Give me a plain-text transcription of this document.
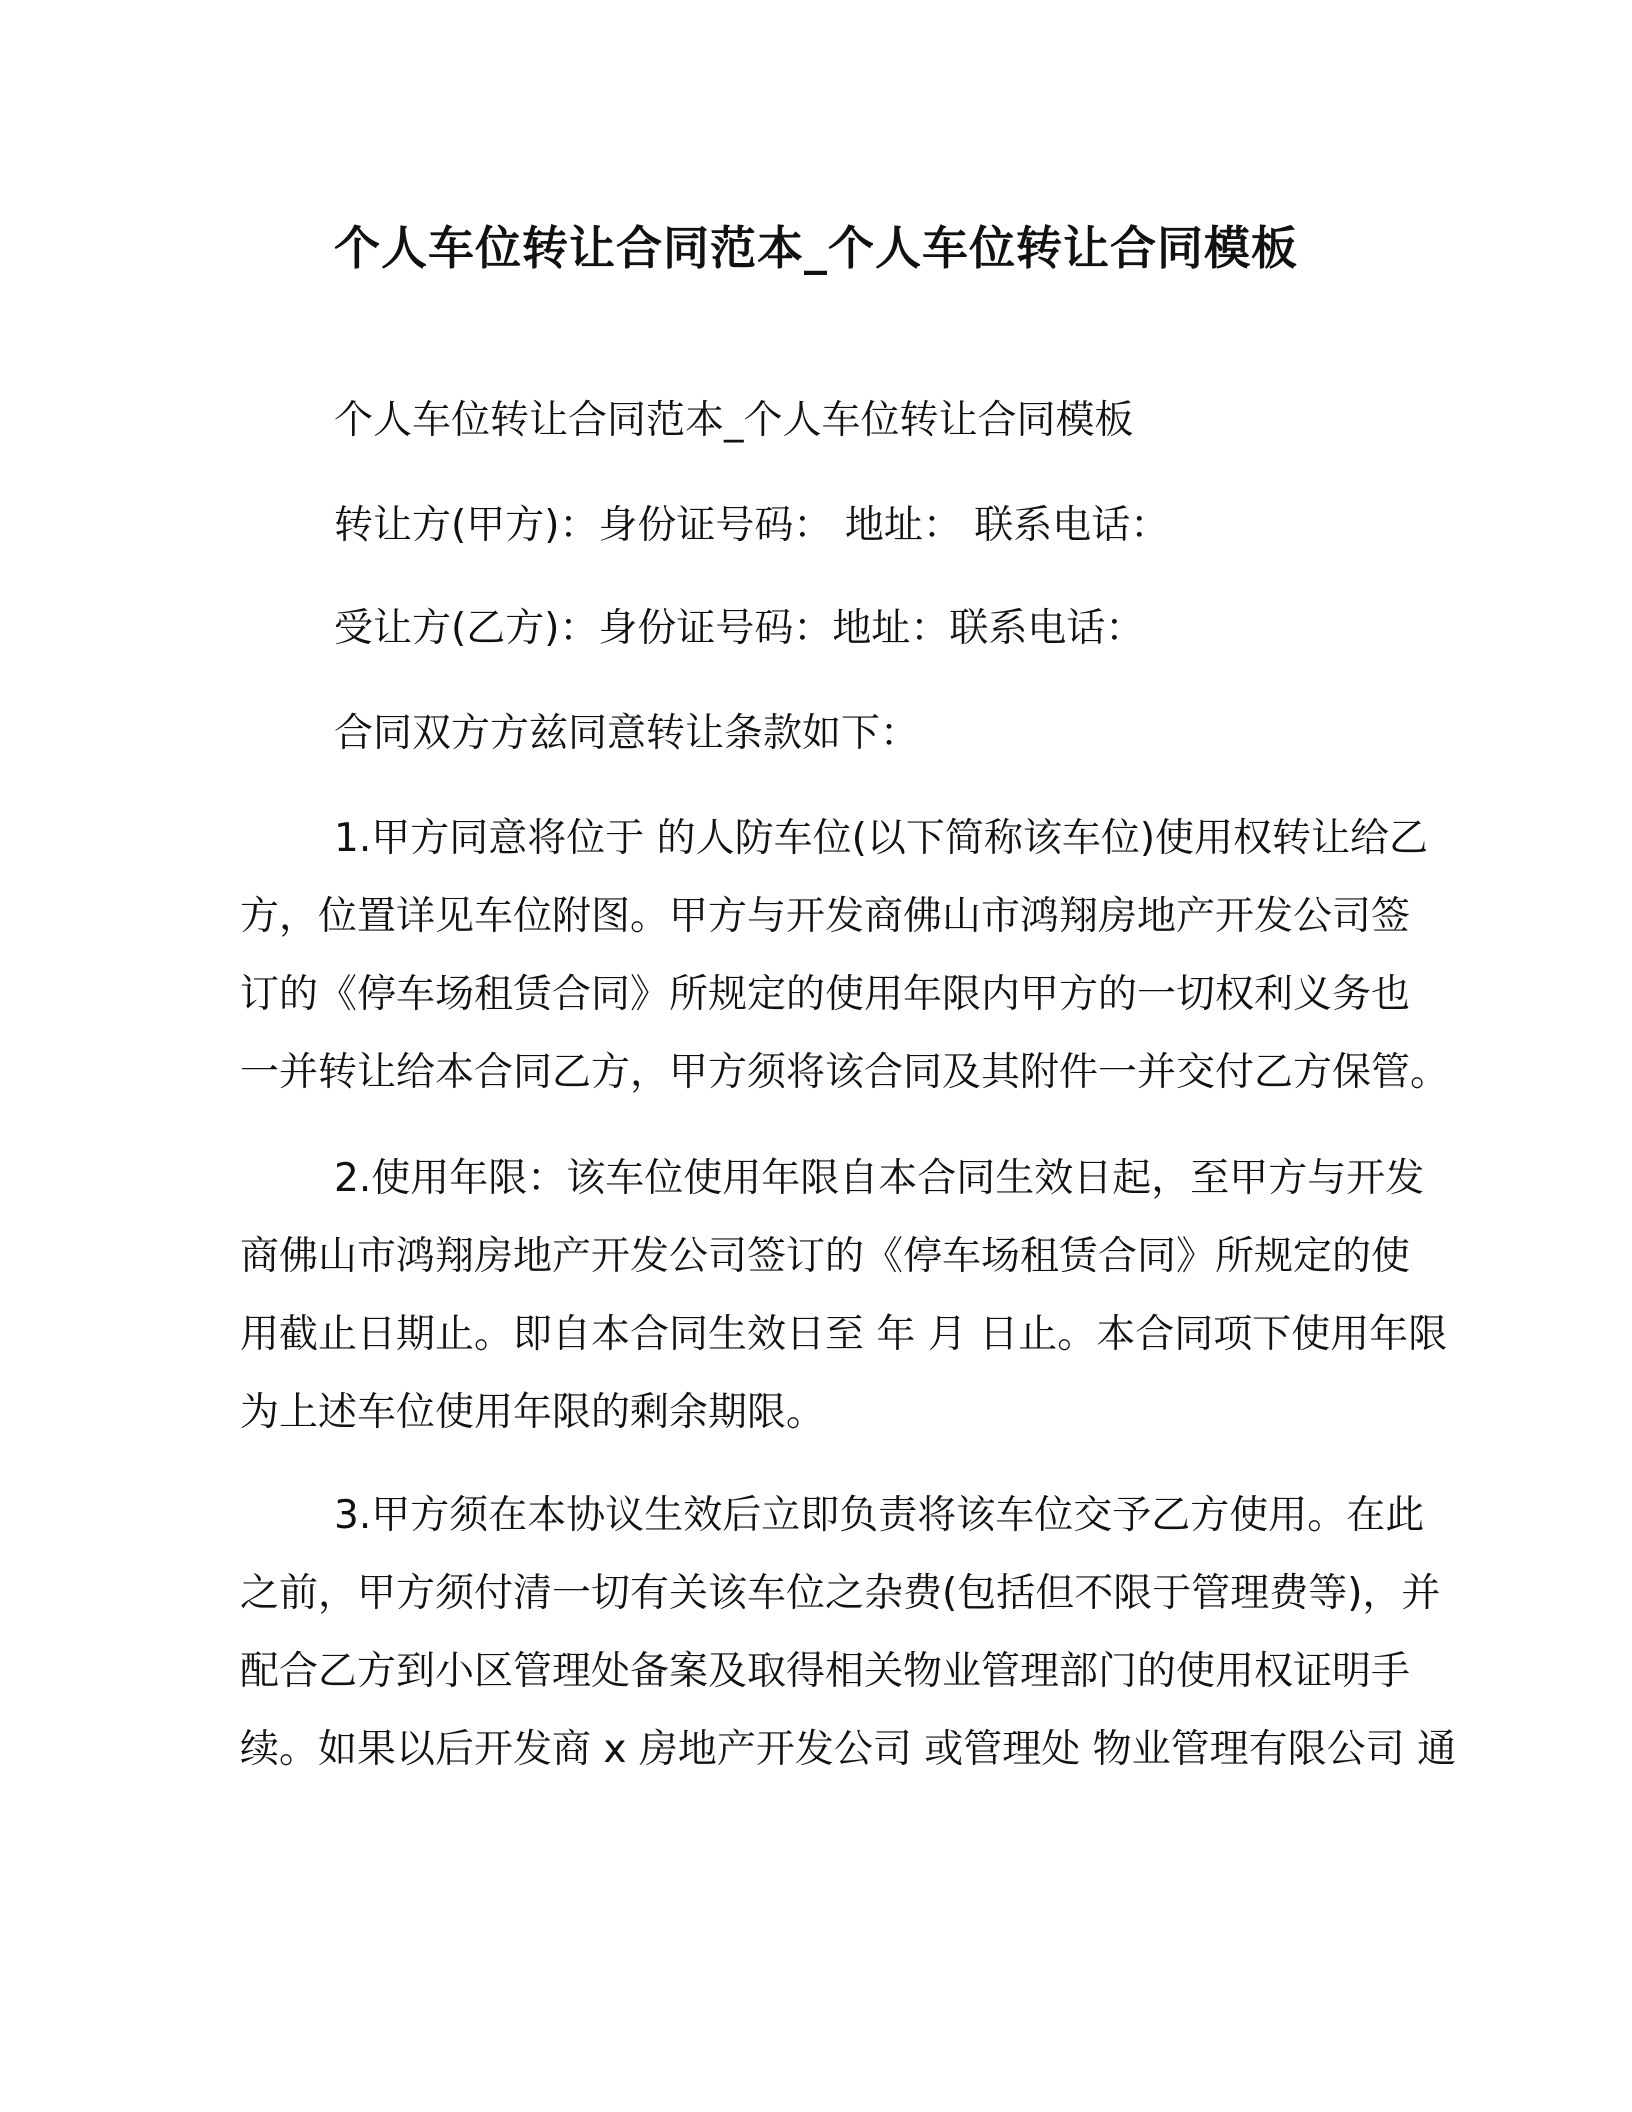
个人车位转让合同范本_个人车位转让合同模板

个人车位转让合同范本_个人车位转让合同模板

转让方(甲方)：身份证号码： 地址： 联系电话：

受让方(乙方)：身份证号码：地址：联系电话：

合同双方方兹同意转让条款如下：

1.甲方同意将位于 的人防车位(以下简称该车位)使用权转让给乙
方，位置详见车位附图。甲方与开发商佛山市鸿翔房地产开发公司签
订的《停车场租赁合同》所规定的使用年限内甲方的一切权利义务也
一并转让给本合同乙方，甲方须将该合同及其附件一并交付乙方保管。
2.使用年限：该车位使用年限自本合同生效日起，至甲方与开发
商佛山市鸿翔房地产开发公司签订的《停车场租赁合同》所规定的使
用截止日期止。即自本合同生效日至 年 月 日止。本合同项下使用年限
为上述车位使用年限的剩余期限。
3.甲方须在本协议生效后立即负责将该车位交予乙方使用。在此
之前，甲方须付清一切有关该车位之杂费(包括但不限于管理费等)，并
配合乙方到小区管理处备案及取得相关物业管理部门的使用权证明手
续。如果以后开发商 x 房地产开发公司 或管理处 物业管理有限公司 通
